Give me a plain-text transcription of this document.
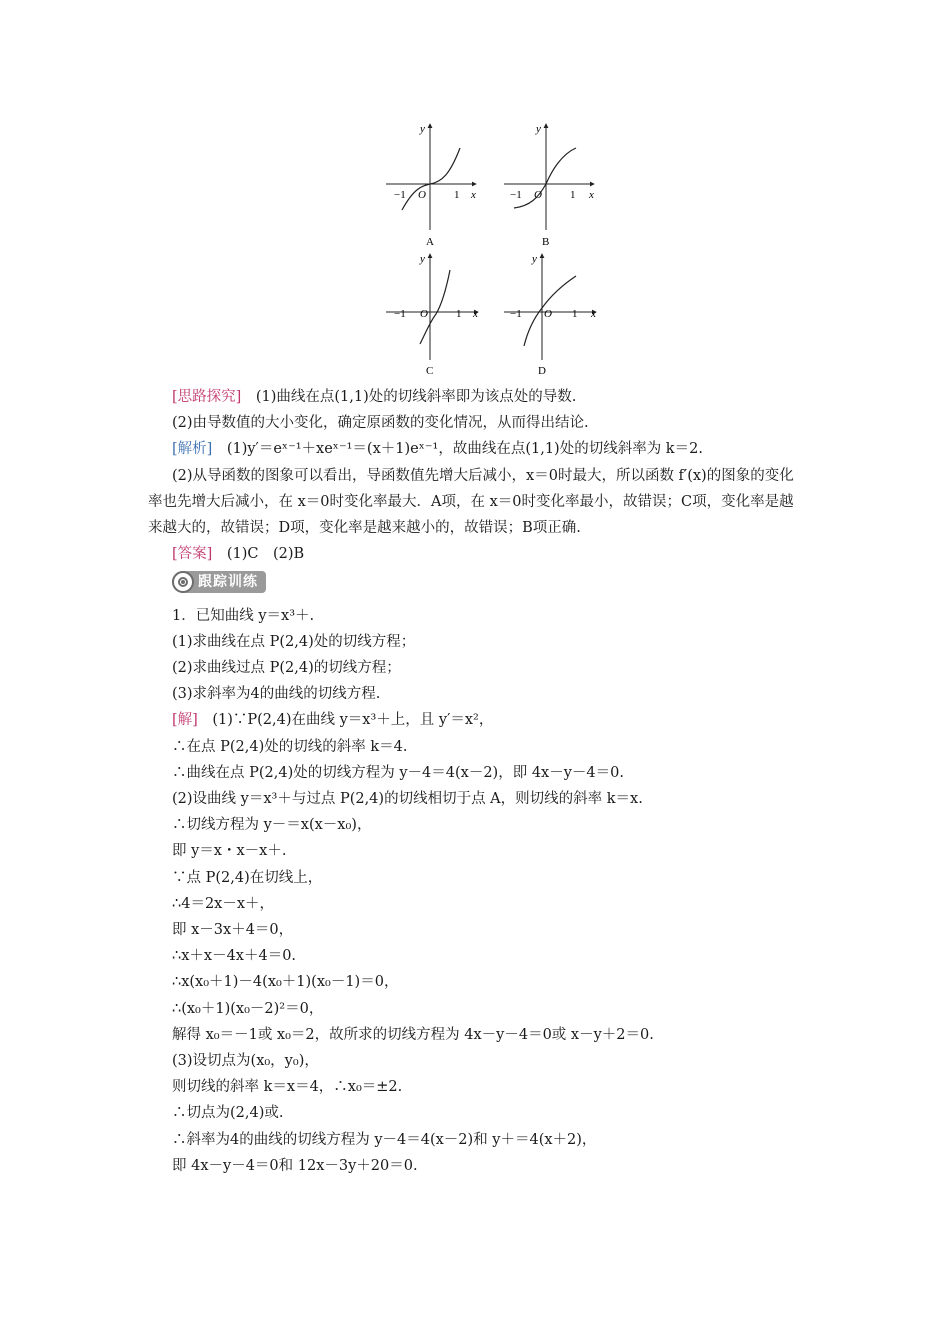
y
x
O
−1	1
A
y
x
O
−1	1
B
y
x
O
−1	1
C
y
x
O
−1	1
D
[思路探究]　(1)曲线在点(1,1)处的切线斜率即为该点处的导数.
(2)由导数值的大小变化，确定原函数的变化情况，从而得出结论.
[解析]　(1)y′＝eˣ⁻¹＋xeˣ⁻¹＝(x＋1)eˣ⁻¹，故曲线在点(1,1)处的切线斜率为 k＝2.
(2)从导函数的图象可以看出，导函数值先增大后减小，x＝0时最大，所以函数 f′(x)的图象的变化率也先增大后减小，在 x＝0时变化率最大．A项，在 x＝0时变化率最小，故错误；C项，变化率是越来越大的，故错误；D项，变化率是越来越小的，故错误；B项正确.
[答案]　(1)C　(2)B
跟踪训练
1．已知曲线 y＝x³＋.
(1)求曲线在点 P(2,4)处的切线方程；
(2)求曲线过点 P(2,4)的切线方程；
(3)求斜率为4的曲线的切线方程.
[解]　(1)∵P(2,4)在曲线 y＝x³＋上，且 y′＝x²，
∴在点 P(2,4)处的切线的斜率 k＝4.
∴曲线在点 P(2,4)处的切线方程为 y－4＝4(x－2)，即 4x－y－4＝0.
(2)设曲线 y＝x³＋与过点 P(2,4)的切线相切于点 A，则切线的斜率 k＝x.
∴切线方程为 y－＝x(x－x₀)，
即 y＝x・x－x＋.
∵点 P(2,4)在切线上，
∴4＝2x－x＋，
即 x－3x＋4＝0，
∴x＋x－4x＋4＝0.
∴x(x₀＋1)－4(x₀＋1)(x₀－1)＝0，
∴(x₀＋1)(x₀－2)²＝0，
解得 x₀＝－1或 x₀＝2，故所求的切线方程为 4x－y－4＝0或 x－y＋2＝0.
(3)设切点为(x₀，y₀)，
则切线的斜率 k＝x＝4，∴x₀＝±2.
∴切点为(2,4)或.
∴斜率为4的曲线的切线方程为 y－4＝4(x－2)和 y＋＝4(x＋2)，
即 4x－y－4＝0和 12x－3y＋20＝0.
